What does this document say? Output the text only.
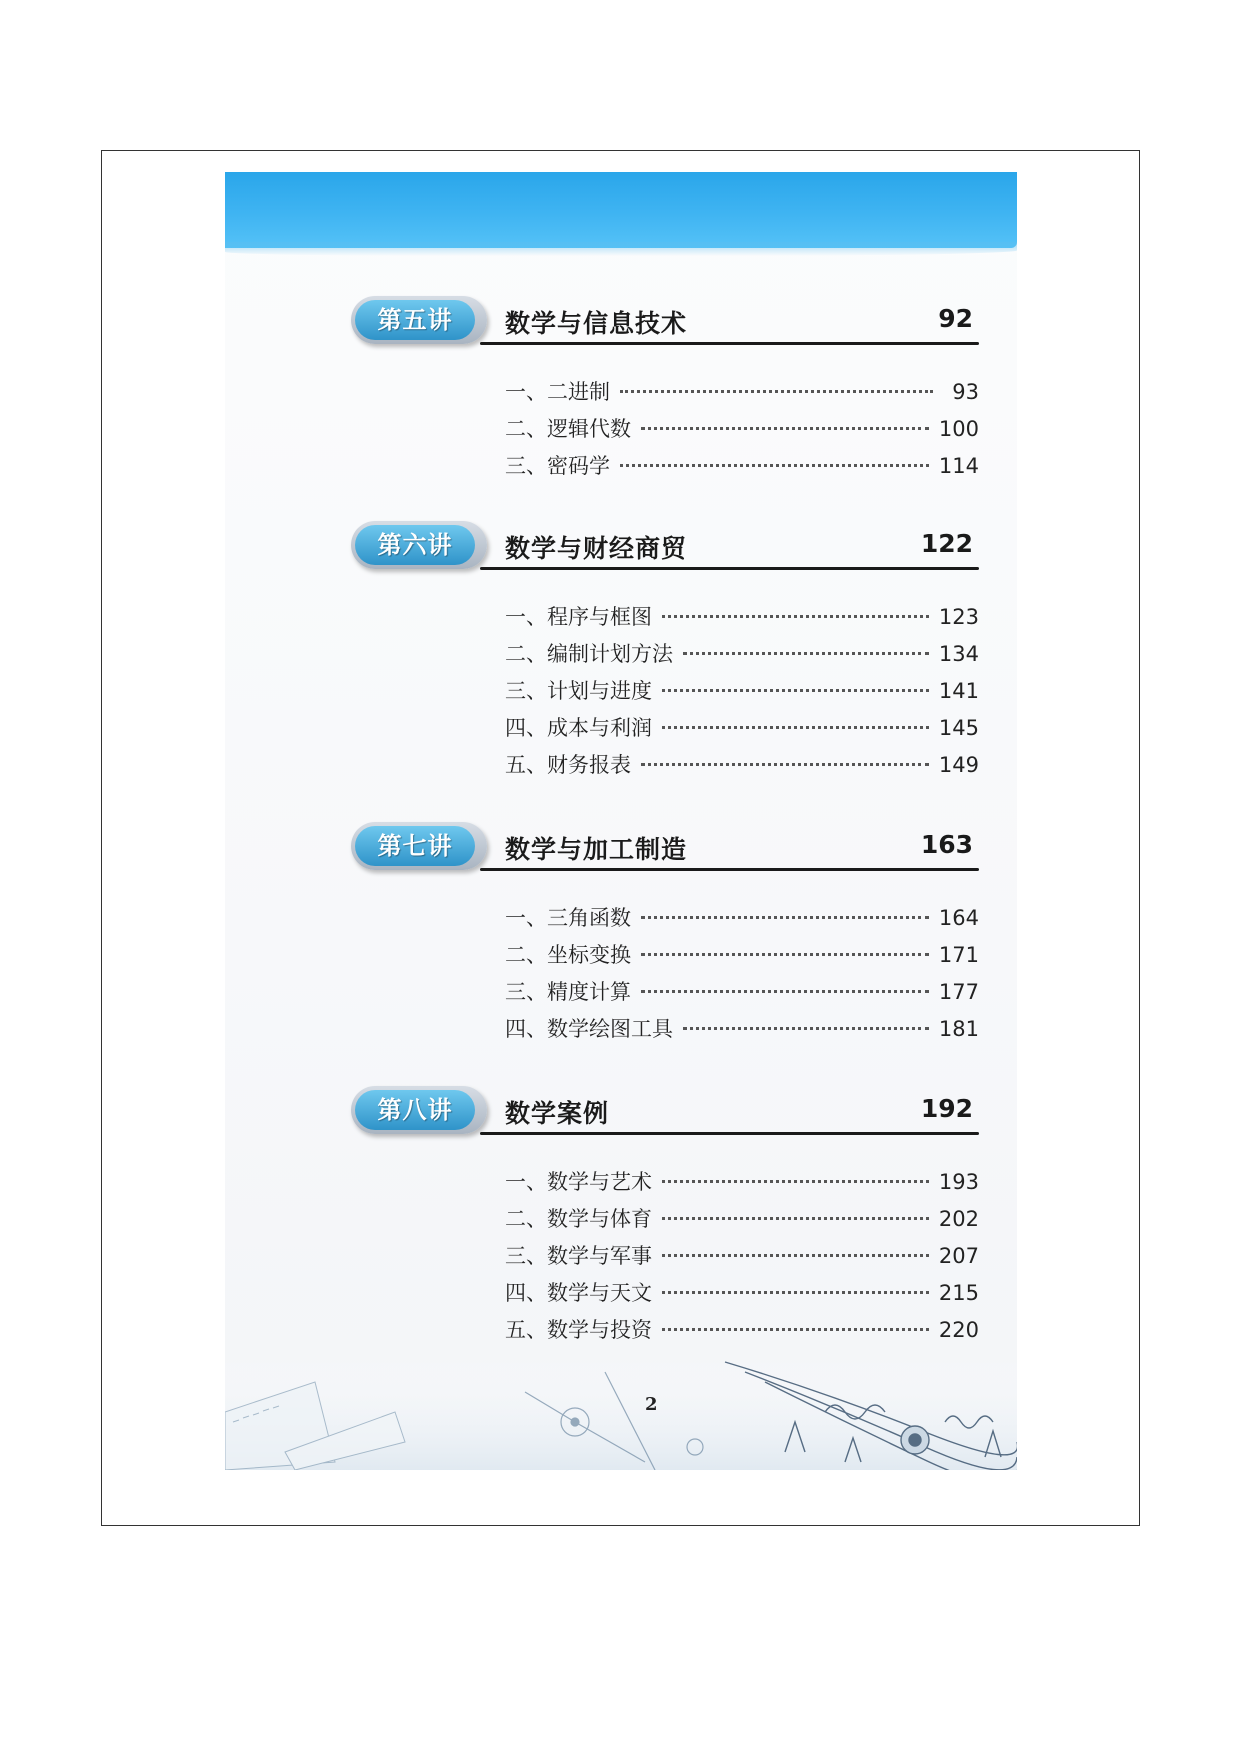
第五讲	数学与信息技术	92
一、二进制	93
二、逻辑代数	100
三、密码学	114
第六讲	数学与财经商贸	122
一、程序与框图	123
二、编制计划方法	134
三、计划与进度	141
四、成本与利润	145
五、财务报表	149
第七讲	数学与加工制造	163
一、三角函数	164
二、坐标变换	171
三、精度计算	177
四、数学绘图工具	181
第八讲	数学案例	192
一、数学与艺术	193
二、数学与体育	202
三、数学与军事	207
四、数学与天文	215
五、数学与投资	220
2
